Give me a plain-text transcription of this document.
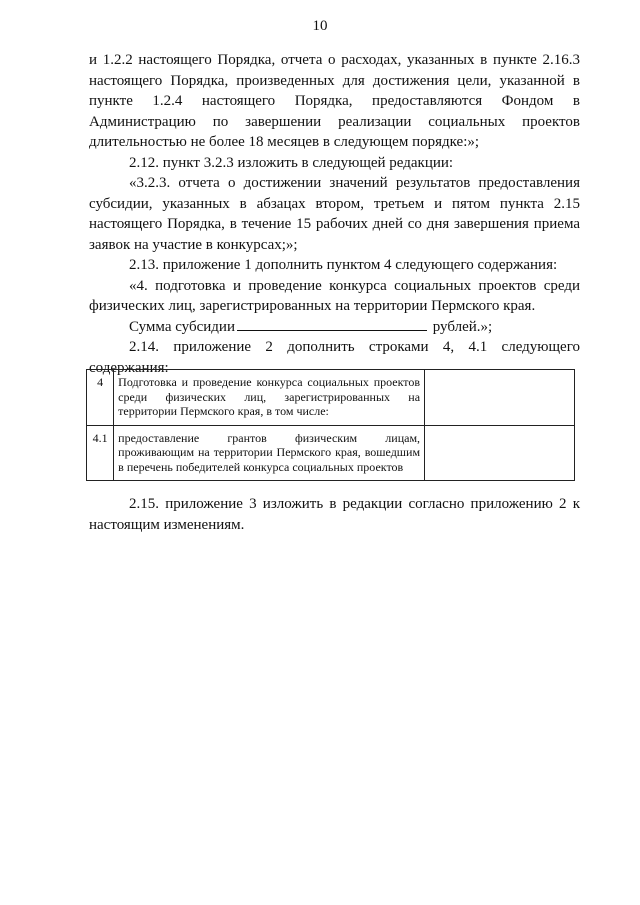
10

и 1.2.2 настоящего Порядка, отчета о расходах, указанных в пункте 2.16.3 настоящего Порядка, произведенных для достижения цели, указанной в пункте 1.2.4 настоящего Порядка, предоставляются Фондом в Администрацию по завершении реализации социальных проектов длительностью не более 18 месяцев в следующем порядке:»;

2.12. пункт 3.2.3 изложить в следующей редакции:

«3.2.3. отчета о достижении значений результатов предоставления субсидии, указанных в абзацах втором, третьем и пятом пункта 2.15 настоящего Порядка, в течение 15 рабочих дней со дня завершения приема заявок на участие в конкурсах;»;

2.13. приложение 1 дополнить пунктом 4 следующего содержания:

«4. подготовка и проведение конкурса социальных проектов среди физических лиц, зарегистрированных на территории Пермского края.

Сумма субсидии	рублей.»;

2.14. приложение 2 дополнить строками 4, 4.1 следующего содержания:

4	Подготовка и проведение конкурса социальных проектов среди физических лиц, зарегистрированных на территории Пермского края, в том числе:	
4.1	предоставление грантов физическим лицам, проживающим на территории Пермского края, вошедшим в перечень победителей конкурса социальных проектов	

2.15. приложение 3 изложить в редакции согласно приложению 2 к настоящим изменениям.
